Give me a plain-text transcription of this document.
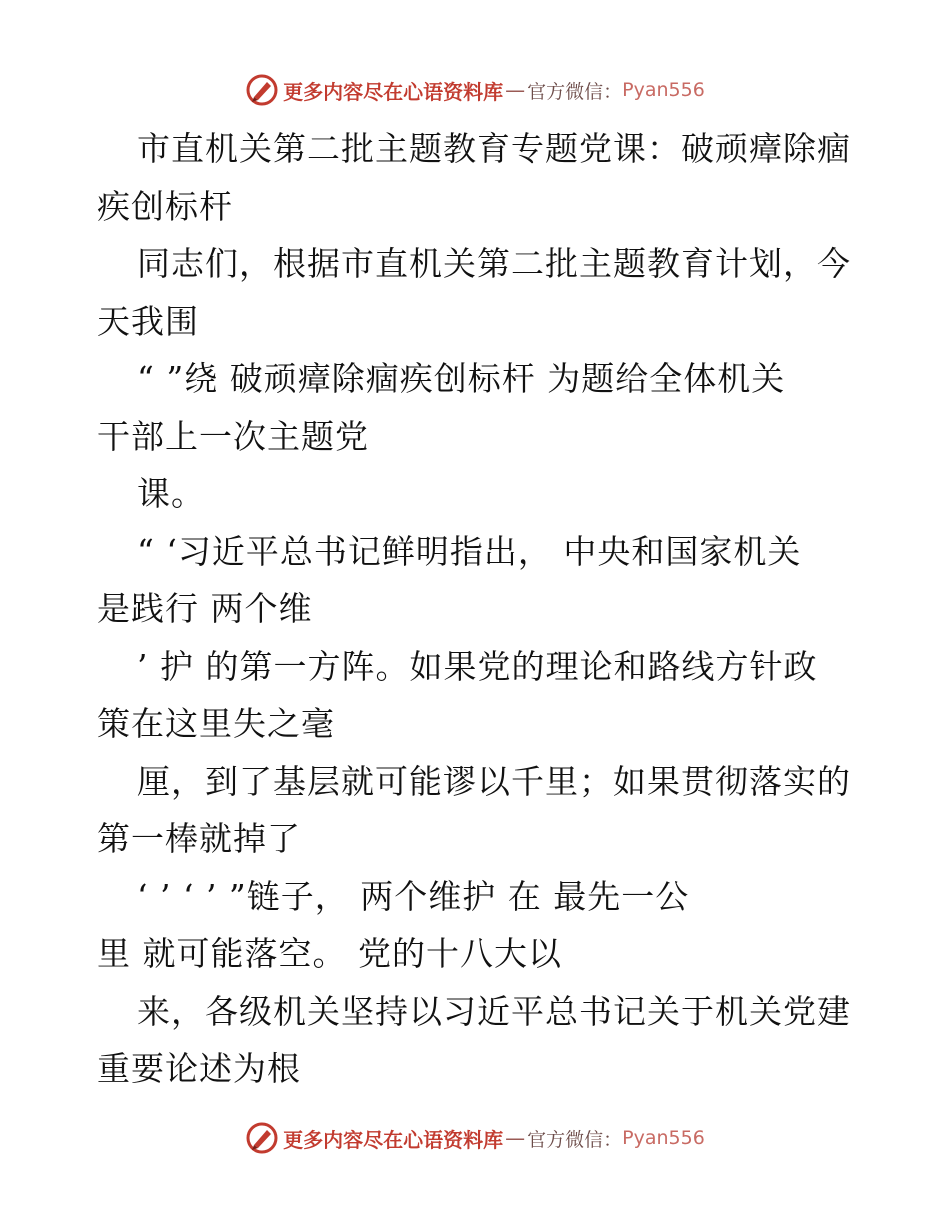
更多内容尽在心语资料库 — 官方微信： Pyan556
市直机关第二批主题教育专题党课：破顽瘴除痼
疾创标杆
同志们，根据市直机关第二批主题教育计划，今
天我围
“ ”绕 破顽瘴除痼疾创标杆 为题给全体机关
干部上一次主题党
课。
“ ‘习近平总书记鲜明指出， 中央和国家机关
是践行 两个维
’ 护 的第一方阵。如果党的理论和路线方针政
策在这里失之毫
厘，到了基层就可能谬以千里；如果贯彻落实的
第一棒就掉了
‘ ’ ‘ ’ ”链子， 两个维护 在 最先一公
里 就可能落空。 党的十八大以
来，各级机关坚持以习近平总书记关于机关党建
重要论述为根
更多内容尽在心语资料库 — 官方微信： Pyan556
